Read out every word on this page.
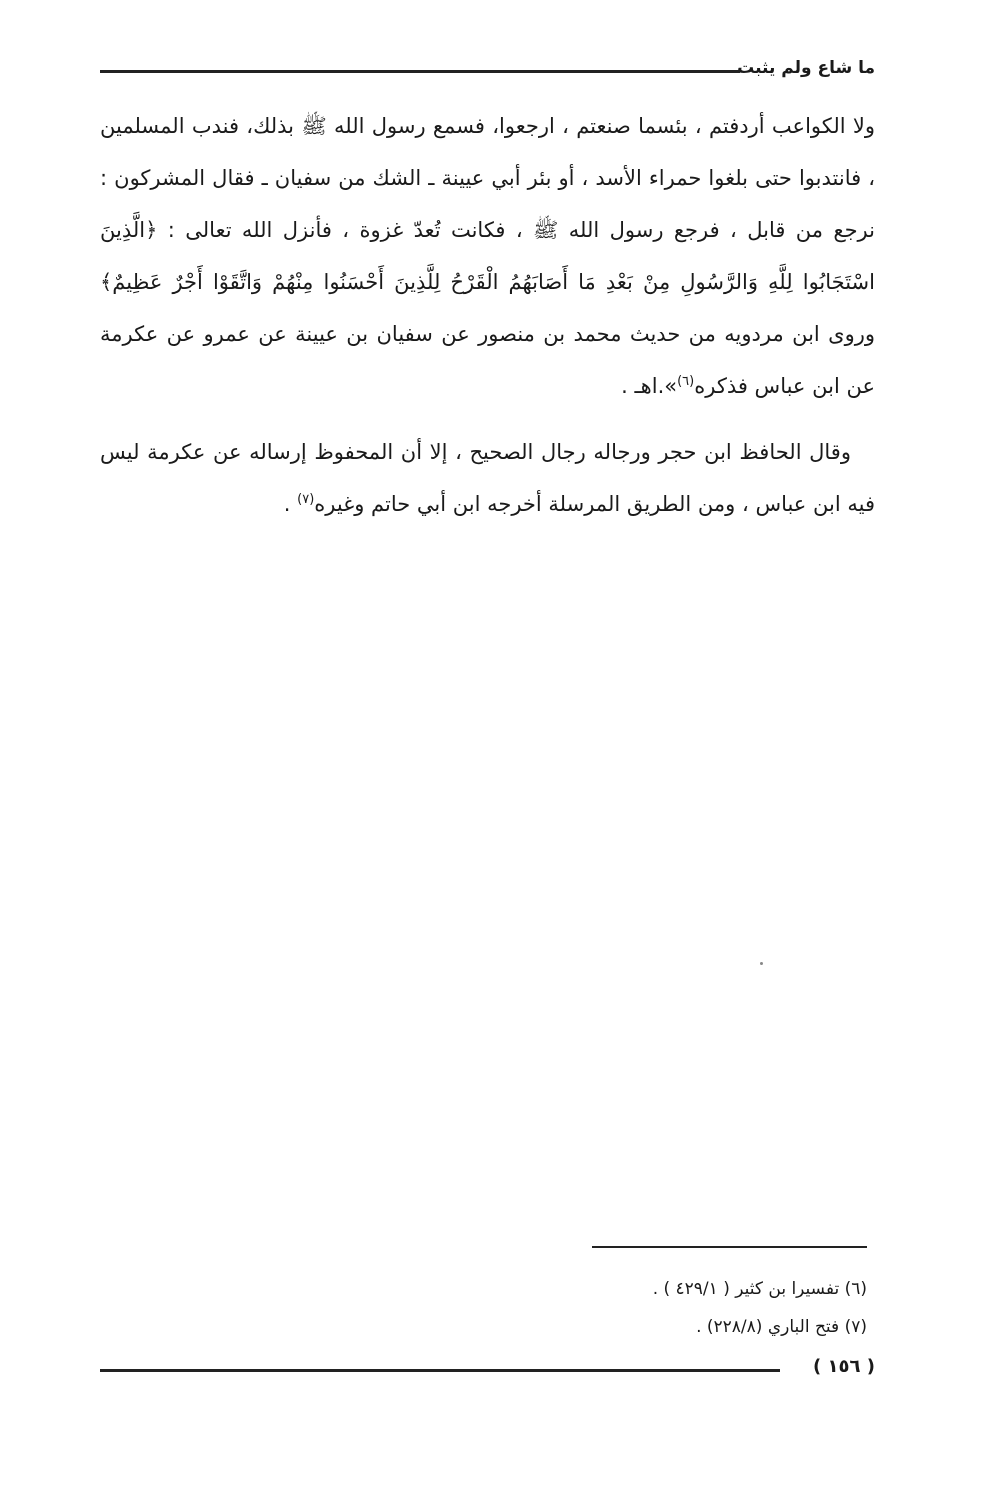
ما شاع ولم يثبت

ولا الكواعب أردفتم ، بئسما صنعتم ، ارجعوا، فسمع رسول الله ﷺ بذلك، فندب المسلمين ، فانتدبوا حتى بلغوا حمراء الأسد ، أو بئر أبي عيينة ـ الشك من سفيان ـ فقال المشركون : نرجع من قابل ، فرجع رسول الله ﷺ ، فكانت تُعدّ غزوة ، فأنزل الله تعالى : ﴿الَّذِينَ اسْتَجَابُوا لِلَّهِ وَالرَّسُولِ مِنْ بَعْدِ مَا أَصَابَهُمُ الْقَرْحُ لِلَّذِينَ أَحْسَنُوا مِنْهُمْ وَاتَّقَوْا أَجْرٌ عَظِيمٌ﴾ وروى ابن مردويه من حديث محمد بن منصور عن سفيان بن عيينة عن عمرو عن عكرمة عن ابن عباس فذكره$^{(٦)}$».اهـ .

وقال الحافظ ابن حجر ورجاله رجال الصحيح ، إلا أن المحفوظ إرساله عن عكرمة ليس فيه ابن عباس ، ومن الطريق المرسلة أخرجه ابن أبي حاتم وغيره$^{(٧)}$ .

(٦) تفسيرا بن كثير ( ٤٢٩/١ ) .
(٧) فتح الباري (٢٢٨/٨) .
( ١٥٦ )
